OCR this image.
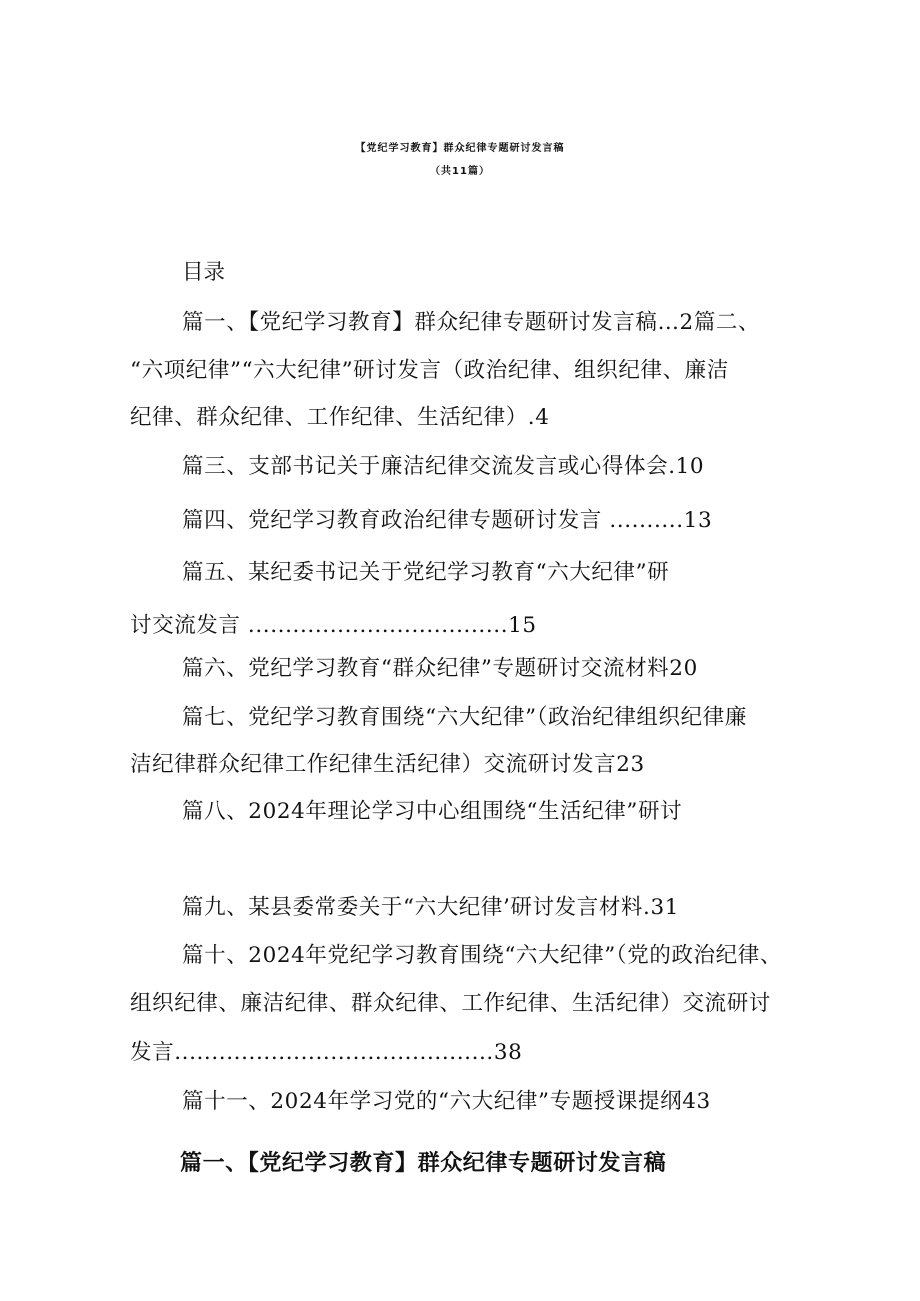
【党纪学习教育】群众纪律专题研讨发言稿
（共11篇）
目录
篇一、【党纪学习教育】群众纪律专题研讨发言稿…2篇二、
“六项纪律”“六大纪律”研讨发言（政治纪律、组织纪律、廉洁
纪律、群众纪律、工作纪律、生活纪律）.4
篇三、支部书记关于廉洁纪律交流发言或心得体会.10
篇四、党纪学习教育政治纪律专题研讨发言 ..........13
篇五、某纪委书记关于党纪学习教育“六大纪律”研
讨交流发言 ...................................15
篇六、党纪学习教育“群众纪律”专题研讨交流材料20
篇七、党纪学习教育围绕“六大纪律”（政治纪律组织纪律廉
洁纪律群众纪律工作纪律生活纪律）交流研讨发言23
篇八、2024年理论学习中心组围绕“生活纪律”研讨
篇九、某县委常委关于“六大纪律’研讨发言材料.31
篇十、2024年党纪学习教育围绕“六大纪律”（党的政治纪律、
组织纪律、廉洁纪律、群众纪律、工作纪律、生活纪律）交流研讨
发言...........................................38
篇十一、2024年学习党的“六大纪律”专题授课提纲43
篇一、【党纪学习教育】群众纪律专题研讨发言稿
